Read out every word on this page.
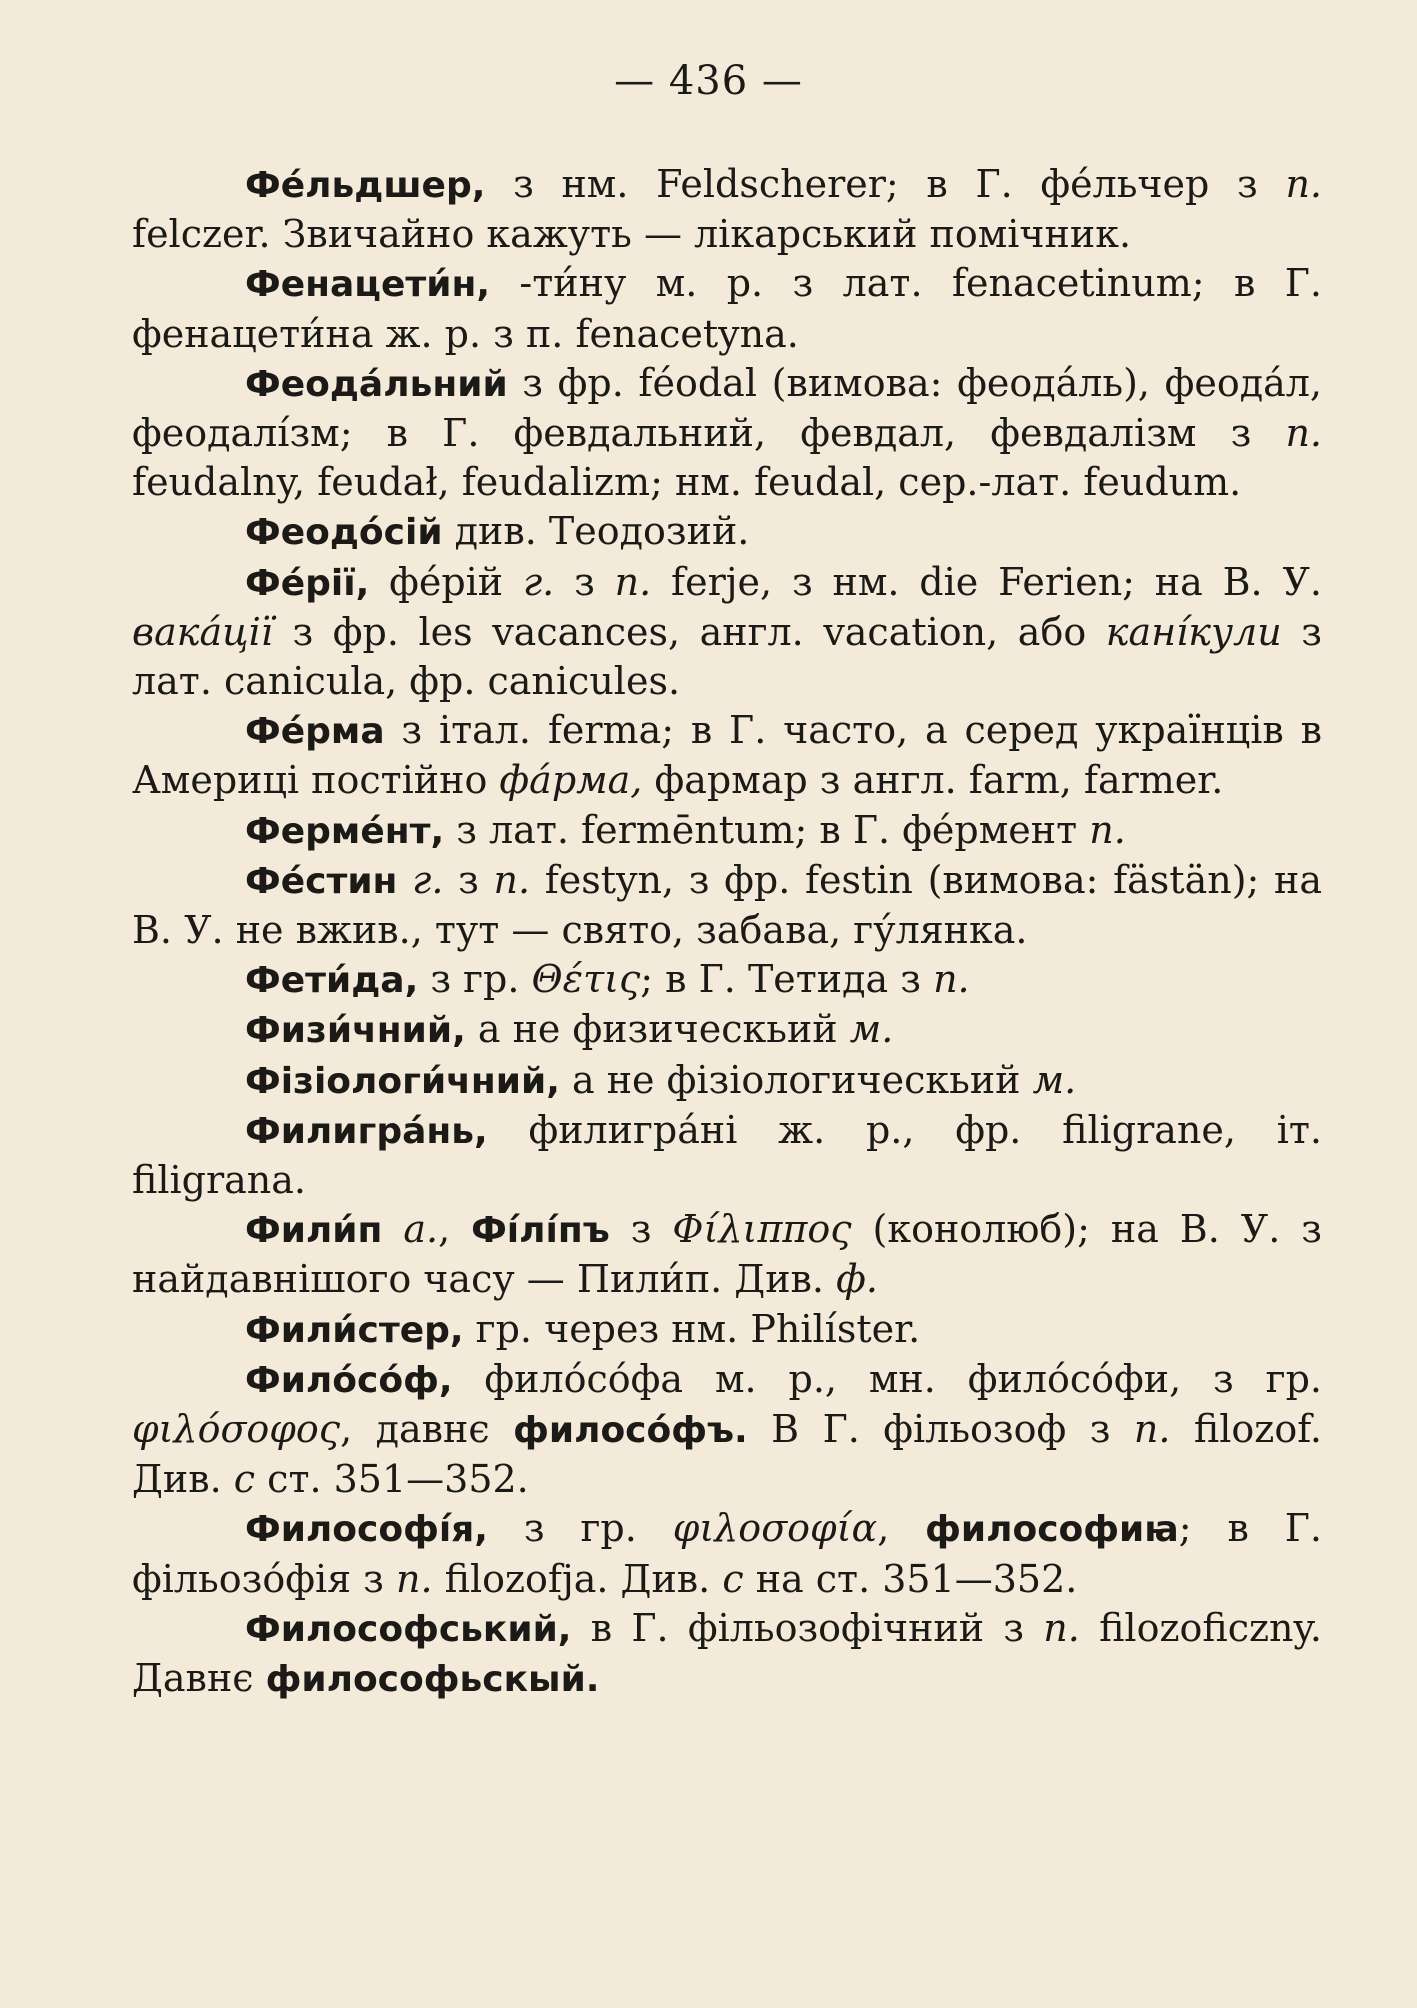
— 436 —

Фе́льдшер, з нм. Feldscherer; в Г. фе́льчер з п. felczer. Звичайно кажуть — лікарський помічник.

Фенацети́н, -ти́ну м. р. з лат. fenacetinum; в Г. фенацети́на ж. р. з п. fenacetyna.

Феода́льний з фр. féodal (вимова: феода́ль), феода́л, феодалі́зм; в Г. февдальний, февдал, февдалізм з п. feudalny, feudał, feudalizm; нм. feudal, сер.-лат. feudum.

Феодо́сій див. Теодозий.

Фе́рії, фе́рій г. з п. ferje, з нм. die Ferien; на В. У. вака́ції з фр. les vacances, англ. vacation, або кані́кули з лат. canicula, фр. canicules.

Фе́рма з італ. ferma; в Г. часто, а серед українців в Америці постійно фа́рма, фармар з англ. farm, farmer.

Ферме́нт, з лат. fermēntum; в Г. фе́рмент п.

Фе́стин г. з п. festyn, з фр. festin (вимова: fästän); на В. У. не вжив., тут — свято, забава, гу́лянка.

Фети́да, з гр. Θέτις; в Г. Тетида з п.

Физи́чний, а не физическьий м.

Фізіологи́чний, а не фізіологическьий м.

Филигра́нь, филигра́ні ж. р., фр. filigrane, іт. filigrana.

Фили́п а., Фі́лі́пъ з Φίλιππος (конолюб); на В. У. з найдавнішого часу — Пили́п. Див. ф.

Фили́стер, гр. через нм. Philíster.

Фило́со́ф, фило́со́фа м. р., мн. фило́со́фи, з гр. φιλόσοφος, давнє филосо́фъ. В Г. фільозоф з п. filozof. Див. с ст. 351—352.

Философі́я, з гр. φιλοσοφία, философиꙗ; в Г. фільозо́фія з п. filozofja. Див. с на ст. 351—352.

Философський, в Г. фільозофічний з п. filozoficzny. Давнє философьскый.
